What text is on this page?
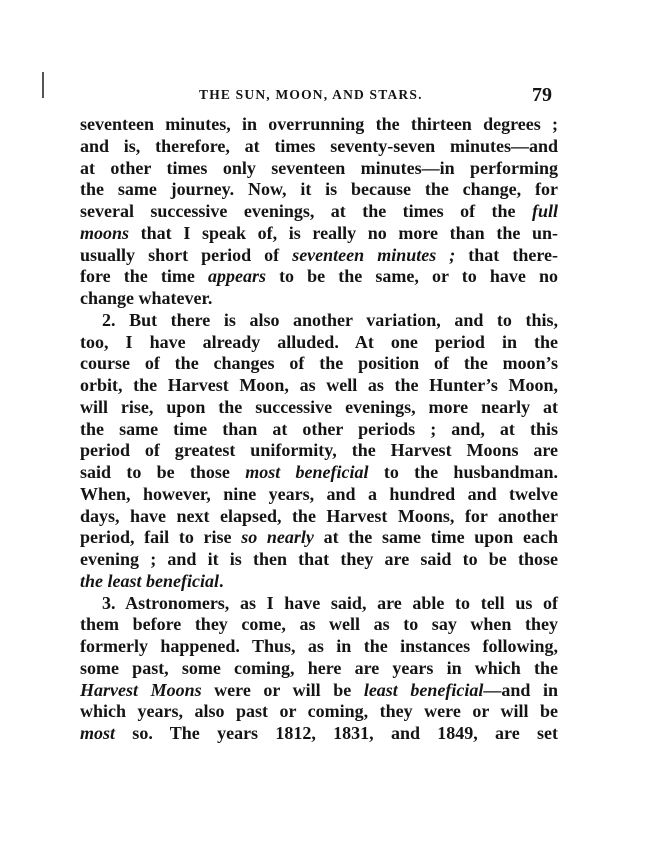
THE SUN, MOON, AND STARS.	79
seventeen minutes, in overrunning the thirteen degrees ;
and is, therefore, at times seventy-seven minutes—and
at other times only seventeen minutes—in performing
the same journey. Now, it is because the change, for
several successive evenings, at the times of the full
moons that I speak of, is really no more than the un-
usually short period of seventeen minutes ; that there-
fore the time appears to be the same, or to have no
change whatever.
2. But there is also another variation, and to this,
too, I have already alluded. At one period in the
course of the changes of the position of the moon’s
orbit, the Harvest Moon, as well as the Hunter’s Moon,
will rise, upon the successive evenings, more nearly at
the same time than at other periods ; and, at this
period of greatest uniformity, the Harvest Moons are
said to be those most beneficial to the husbandman.
When, however, nine years, and a hundred and twelve
days, have next elapsed, the Harvest Moons, for another
period, fail to rise so nearly at the same time upon each
evening ; and it is then that they are said to be those
the least beneficial.
3. Astronomers, as I have said, are able to tell us of
them before they come, as well as to say when they
formerly happened. Thus, as in the instances following,
some past, some coming, here are years in which the
Harvest Moons were or will be least beneficial—and in
which years, also past or coming, they were or will be
most so. The years 1812, 1831, and 1849, are set
